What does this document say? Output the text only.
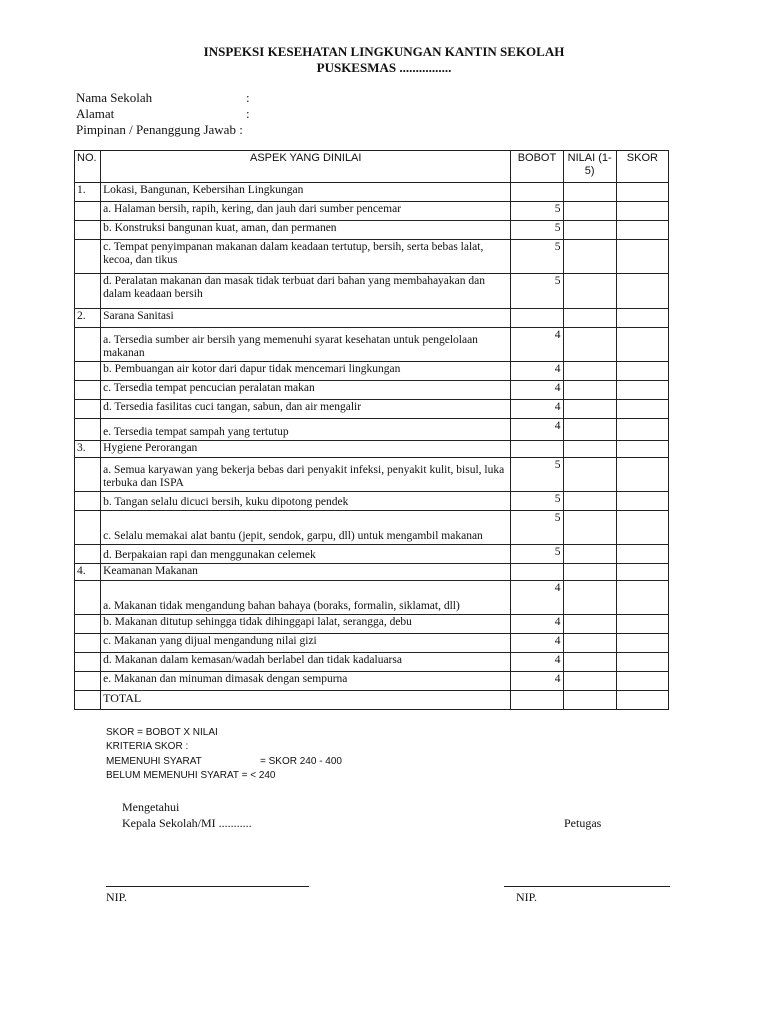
INSPEKSI KESEHATAN LINGKUNGAN KANTIN SEKOLAH
PUSKESMAS ................
Nama Sekolah	:
Alamat	:
Pimpinan / Penanggung Jawab :
NO.	ASPEK YANG DINILAI	BOBOT	NILAI (1-5)	SKOR
1.	Lokasi, Bangunan, Kebersihan Lingkungan			
	a. Halaman bersih, rapih, kering, dan jauh dari sumber pencemar	5		
	b. Konstruksi bangunan kuat, aman, dan permanen	5		
	c. Tempat penyimpanan makanan dalam keadaan tertutup, bersih, serta bebas lalat, kecoa, dan tikus	5		
	d. Peralatan makanan dan masak tidak terbuat dari bahan yang membahayakan dan dalam keadaan bersih	5		
2.	Sarana Sanitasi			
	a. Tersedia sumber air bersih yang memenuhi syarat kesehatan untuk pengelolaan makanan	4		
	b. Pembuangan air kotor dari dapur tidak mencemari lingkungan	4		
	c. Tersedia tempat pencucian peralatan makan	4		
	d. Tersedia fasilitas cuci tangan, sabun, dan air mengalir	4		
	e. Tersedia tempat sampah yang tertutup	4		
3.	Hygiene Perorangan			
	a. Semua karyawan yang bekerja bebas dari penyakit infeksi, penyakit kulit, bisul, luka terbuka dan ISPA	5		
	b. Tangan selalu dicuci bersih, kuku dipotong pendek	5		
	c. Selalu memakai alat bantu (jepit, sendok, garpu, dll) untuk mengambil makanan	5		
	d. Berpakaian rapi dan menggunakan celemek	5		
4.	Keamanan Makanan			
	a. Makanan tidak mengandung bahan bahaya (boraks, formalin, siklamat, dll)	4		
	b. Makanan ditutup sehingga tidak dihinggapi lalat, serangga, debu	4		
	c. Makanan yang dijual mengandung nilai gizi	4		
	d. Makanan dalam kemasan/wadah berlabel dan tidak kadaluarsa	4		
	e. Makanan dan minuman dimasak dengan sempurna	4		
	TOTAL			
SKOR = BOBOT X NILAI
KRITERIA SKOR :
MEMENUHI SYARAT	= SKOR 240 - 400
BELUM MEMENUHI SYARAT = < 240
Mengetahui
Kepala Sekolah/MI ...........	Petugas
NIP.	NIP.
